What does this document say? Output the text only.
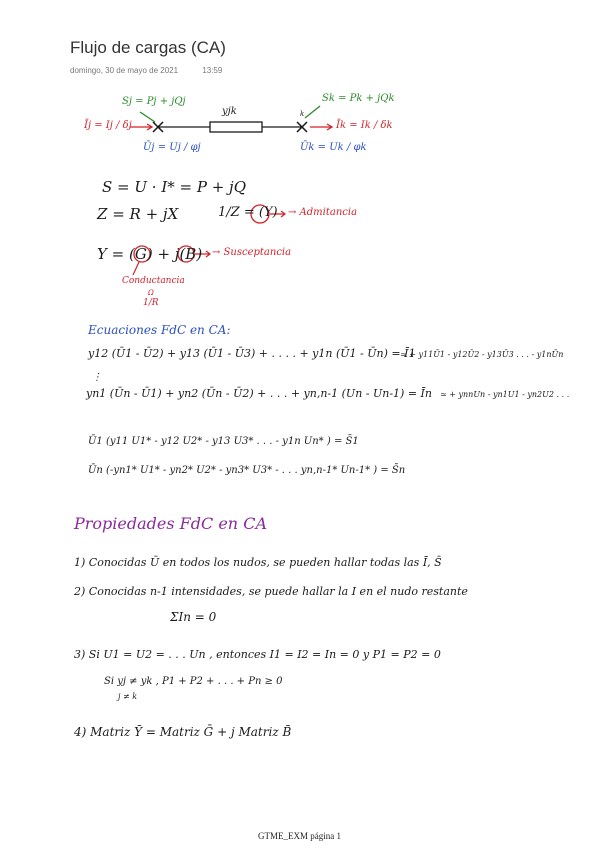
Flujo de cargas (CA)
domingo, 30 de mayo de 2021	13:59
Sj = Pj + jQj
Īj = Ij / δj
Ūj = Uj / φj
yjk	k
Sk = Pk + jQk
Īk = Ik / δk
Ūk = Uk / φk
S = U · I* = P + jQ
Z = R + jX	1/Z = (Y) → Admitancia
Y = (G) + j(B) → Susceptancia
Conductancia
Ω
1/R
Ecuaciones FdC en CA:
y12 (Ū1 - Ū2) + y13 (Ū1 - Ū3) + . . . . + y1n (Ū1 - Ūn) = Ī1
≃ + y11Ū1 - y12Ū2 - y13Ū3 . . . - y1nŪn
⋮
yn1 (Ūn - Ū1) + yn2 (Ūn - Ū2) + . . . + yn,n-1 (Un - Un-1) = Īn ≃ + ynnUn - yn1U1 - yn2U2 . . .
Ū1 (y11 U1* - y12 U2* - y13 U3* . . . - y1n Un* ) = S̄1
Ūn (-yn1* U1* - yn2* U2* - yn3* U3* - . . . yn,n-1* Un-1* ) = S̄n
Propiedades FdC en CA
1) Conocidas Ū en todos los nudos, se pueden hallar todas las Ī, S̄
2) Conocidas n-1 intensidades, se puede hallar la I en el nudo restante
ΣIn = 0
3) Si U1 = U2 = . . . Un , entonces I1 = I2 = In = 0 y P1 = P2 = 0
Si yj ≠ yk , P1 + P2 + . . . + Pn ≥ 0
j ≠ k
4) Matriz Ȳ = Matriz Ḡ + j Matriz B̄
GTME_EXM página 1
